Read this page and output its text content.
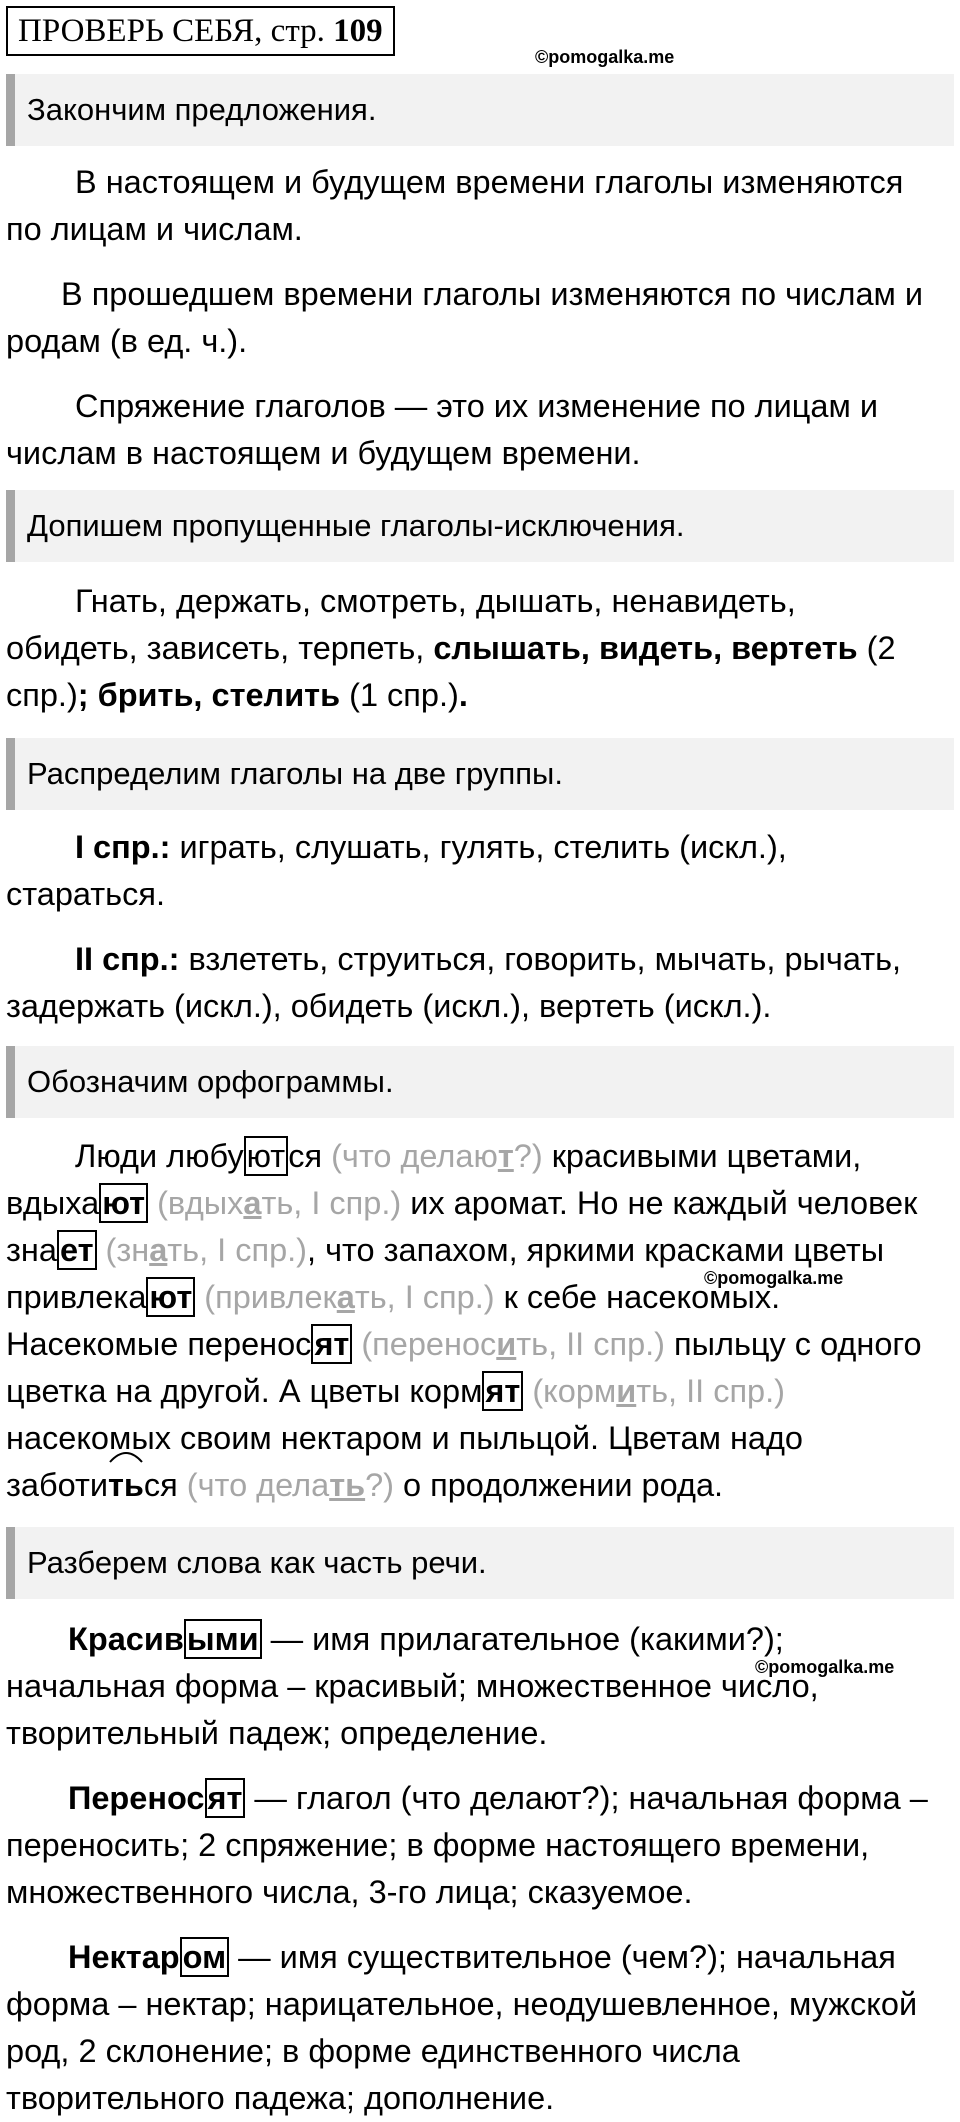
ПРОВЕРЬ СЕБЯ, стр. 109
©pomogalka.me
Закончим предложения.
В настоящем и будущем времени глаголы изменяются
по лицам и числам.
В прошедшем времени глаголы изменяются по числам и
родам (в ед. ч.).
Спряжение глаголов — это их изменение по лицам и
числам в настоящем и будущем времени.
Допишем пропущенные глаголы-исключения.
Гнать, держать, смотреть, дышать, ненавидеть,
обидеть, зависеть, терпеть, слышать, видеть, вертеть (2
спр.); брить, стелить (1 спр.).
Распределим глаголы на две группы.
I спр.: играть, слушать, гулять, стелить (искл.),
стараться.
II спр.: взлететь, струиться, говорить, мычать, рычать,
задержать (искл.), обидеть (искл.), вертеть (искл.).
Обозначим орфограммы.
Люди любуются (что делают?) красивыми цветами,
вдыхают (вдыхать, I спр.) их аромат. Но не каждый человек
знает (знать, I спр.), что запахом, яркими красками цветы
привлекают (привлекать, I спр.) к себе насекомых.
Насекомые переносят (переносить, II спр.) пыльцу с одного
цветка на другой. А цветы кормят (кормить, II спр.)
насекомых своим нектаром и пыльцой. Цветам надо
заботи
ться (что делать?) о продолжении рода.
©pomogalka.me
Разберем слова как часть речи.
Красивыми — имя прилагательное (какими?);
начальная форма – красивый; множественное число,
творительный падеж; определение.
©pomogalka.me
Переносят — глагол (что делают?); начальная форма –
переносить; 2 спряжение; в форме настоящего времени,
множественного числа, 3-го лица; сказуемое.
Нектаром — имя существительное (чем?); начальная
форма – нектар; нарицательное, неодушевленное, мужской
род, 2 склонение; в форме единственного числа
творительного падежа; дополнение.
